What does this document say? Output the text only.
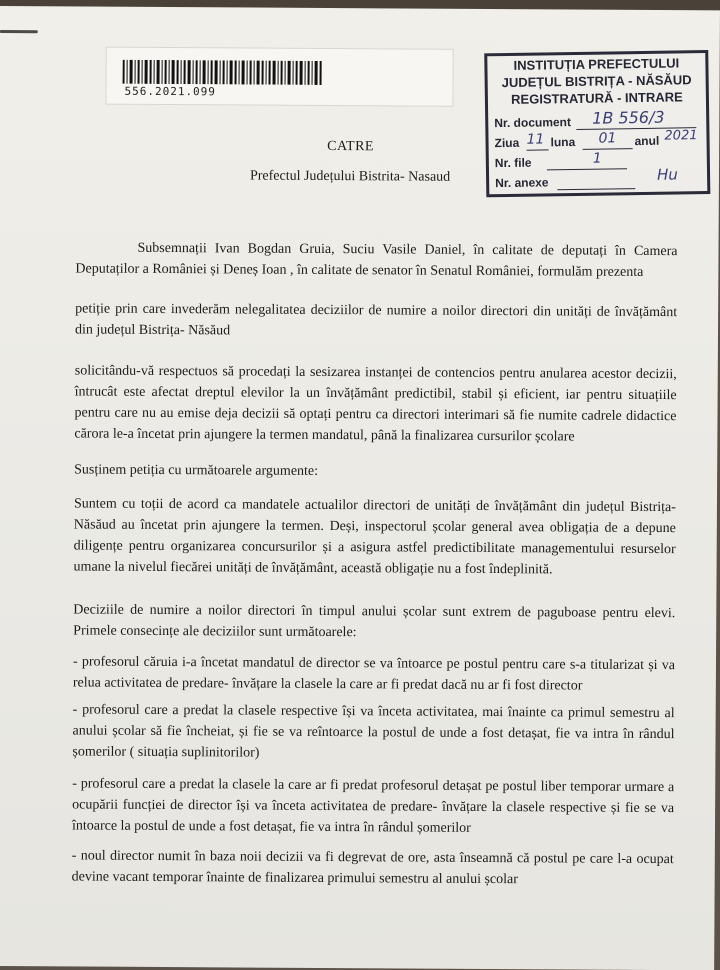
556.2021.099
INSTITUȚIA PREFECTULUI
JUDEȚUL BISTRIȚA - NĂSĂUD
REGISTRATURĂ - INTRARE
Nr. document 1B 556/3
Ziua 11 luna 01 anul 2021
Nr. file	1
Nr. anexe	Hu
CATRE
Prefectul Județului Bistrita- Nasaud

Subsemnații Ivan Bogdan Gruia, Suciu Vasile Daniel, în calitate de deputați în Camera Deputaților a României și Deneș Ioan , în calitate de senator în Senatul României, formulăm prezenta

petiție prin care invederăm nelegalitatea deciziilor de numire a noilor directori din unități de învățământ din județul Bistrița- Năsăud

solicitându-vă respectuos să procedați la sesizarea instanței de contencios pentru anularea acestor decizii, întrucât este afectat dreptul elevilor la un învățământ predictibil, stabil și eficient, iar pentru situațiile pentru care nu au emise deja decizii să optați pentru ca directori interimari să fie numite cadrele didactice cărora le-a încetat prin ajungere la termen mandatul, până la finalizarea cursurilor școlare

Susținem petiția cu următoarele argumente:

Suntem cu toții de acord ca mandatele actualilor directori de unități de învățământ din județul Bistrița- Năsăud au încetat prin ajungere la termen. Deși, inspectorul școlar general avea obligația de a depune diligențe pentru organizarea concursurilor și a asigura astfel predictibilitate managementului resurselor umane la nivelul fiecărei unități de învățământ, această obligație nu a fost îndeplinită.

Deciziile de numire a noilor directori în timpul anului școlar sunt extrem de paguboase pentru elevi. Primele consecințe ale deciziilor sunt următoarele:

- profesorul căruia i-a încetat mandatul de director se va întoarce pe postul pentru care s-a titularizat și va relua activitatea de predare- învățare la clasele la care ar fi predat dacă nu ar fi fost director

- profesorul care a predat la clasele respective își va înceta activitatea, mai înainte ca primul semestru al anului școlar să fie încheiat, și fie se va reîntoarce la postul de unde a fost detașat, fie va intra în rândul șomerilor ( situația suplinitorilor)

- profesorul care a predat la clasele la care ar fi predat profesorul detașat pe postul liber temporar urmare a ocupării funcției de director își va înceta activitatea de predare- învățare la clasele respective și fie se va întoarce la postul de unde a fost detașat, fie va intra în rândul șomerilor

- noul director numit în baza noii decizii va fi degrevat de ore, asta înseamnă că postul pe care l-a ocupat devine vacant temporar înainte de finalizarea primului semestru al anului școlar
